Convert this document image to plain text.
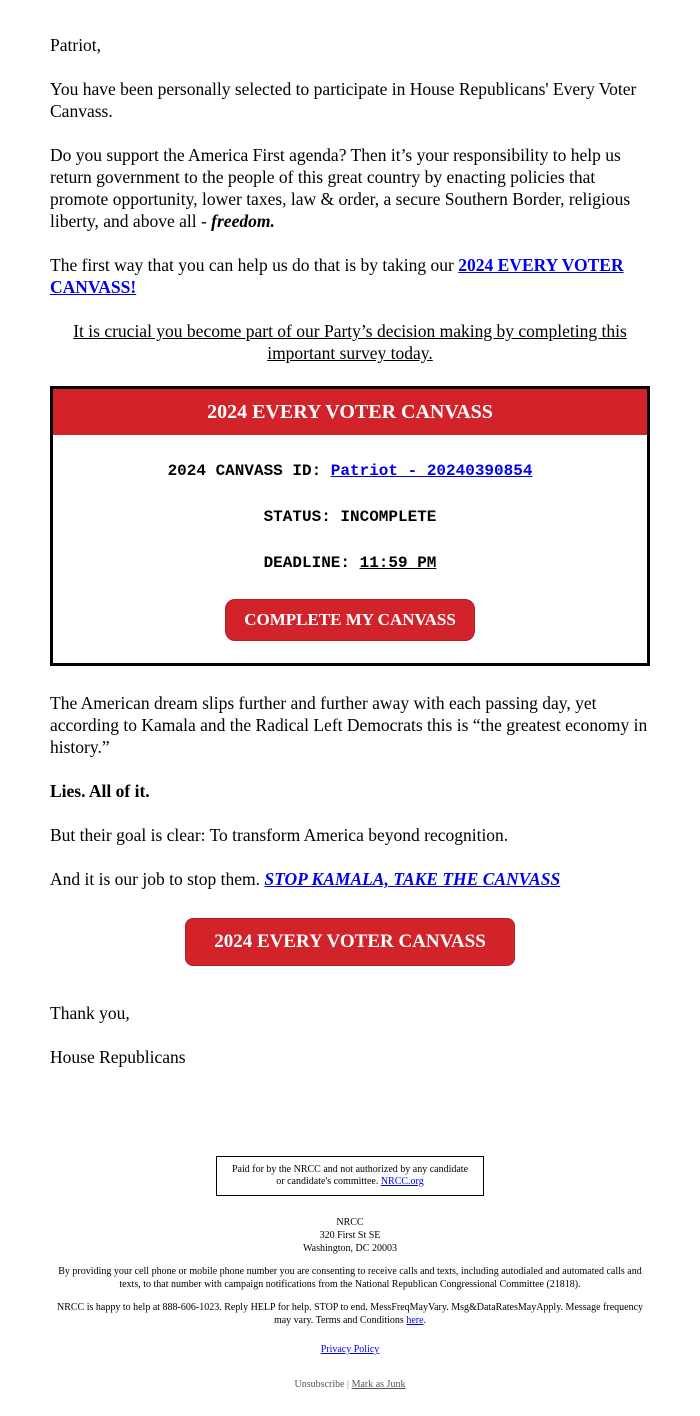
Patriot,

You have been personally selected to participate in House Republicans' Every Voter Canvass.

Do you support the America First agenda? Then it’s your responsibility to help us return government to the people of this great country by enacting policies that promote opportunity, lower taxes, law & order, a secure Southern Border, religious liberty, and above all - freedom.

The first way that you can help us do that is by taking our 2024 EVERY VOTER CANVASS!

It is crucial you become part of our Party’s decision making by completing this important survey today.

2024 EVERY VOTER CANVASS

2024 CANVASS ID: Patriot - 20240390854

STATUS: INCOMPLETE

DEADLINE: 11:59 PM

COMPLETE MY CANVASS

The American dream slips further and further away with each passing day, yet according to Kamala and the Radical Left Democrats this is “the greatest economy in history.”

Lies. All of it.

But their goal is clear: To transform America beyond recognition.

And it is our job to stop them. STOP KAMALA, TAKE THE CANVASS

2024 EVERY VOTER CANVASS

Thank you,

House Republicans

Paid for by the NRCC and not authorized by any candidate or candidate's committee. NRCC.org
NRCC
320 First St SE
Washington, DC 20003

By providing your cell phone or mobile phone number you are consenting to receive calls and texts, including autodialed and automated calls and texts, to that number with campaign notifications from the National Republican Congressional Committee (21818).

NRCC is happy to help at 888-606-1023. Reply HELP for help. STOP to end. MessFreqMayVary. Msg&DataRatesMayApply. Message frequency may vary. Terms and Conditions here.

Privacy Policy

Unsubscribe | Mark as Junk
